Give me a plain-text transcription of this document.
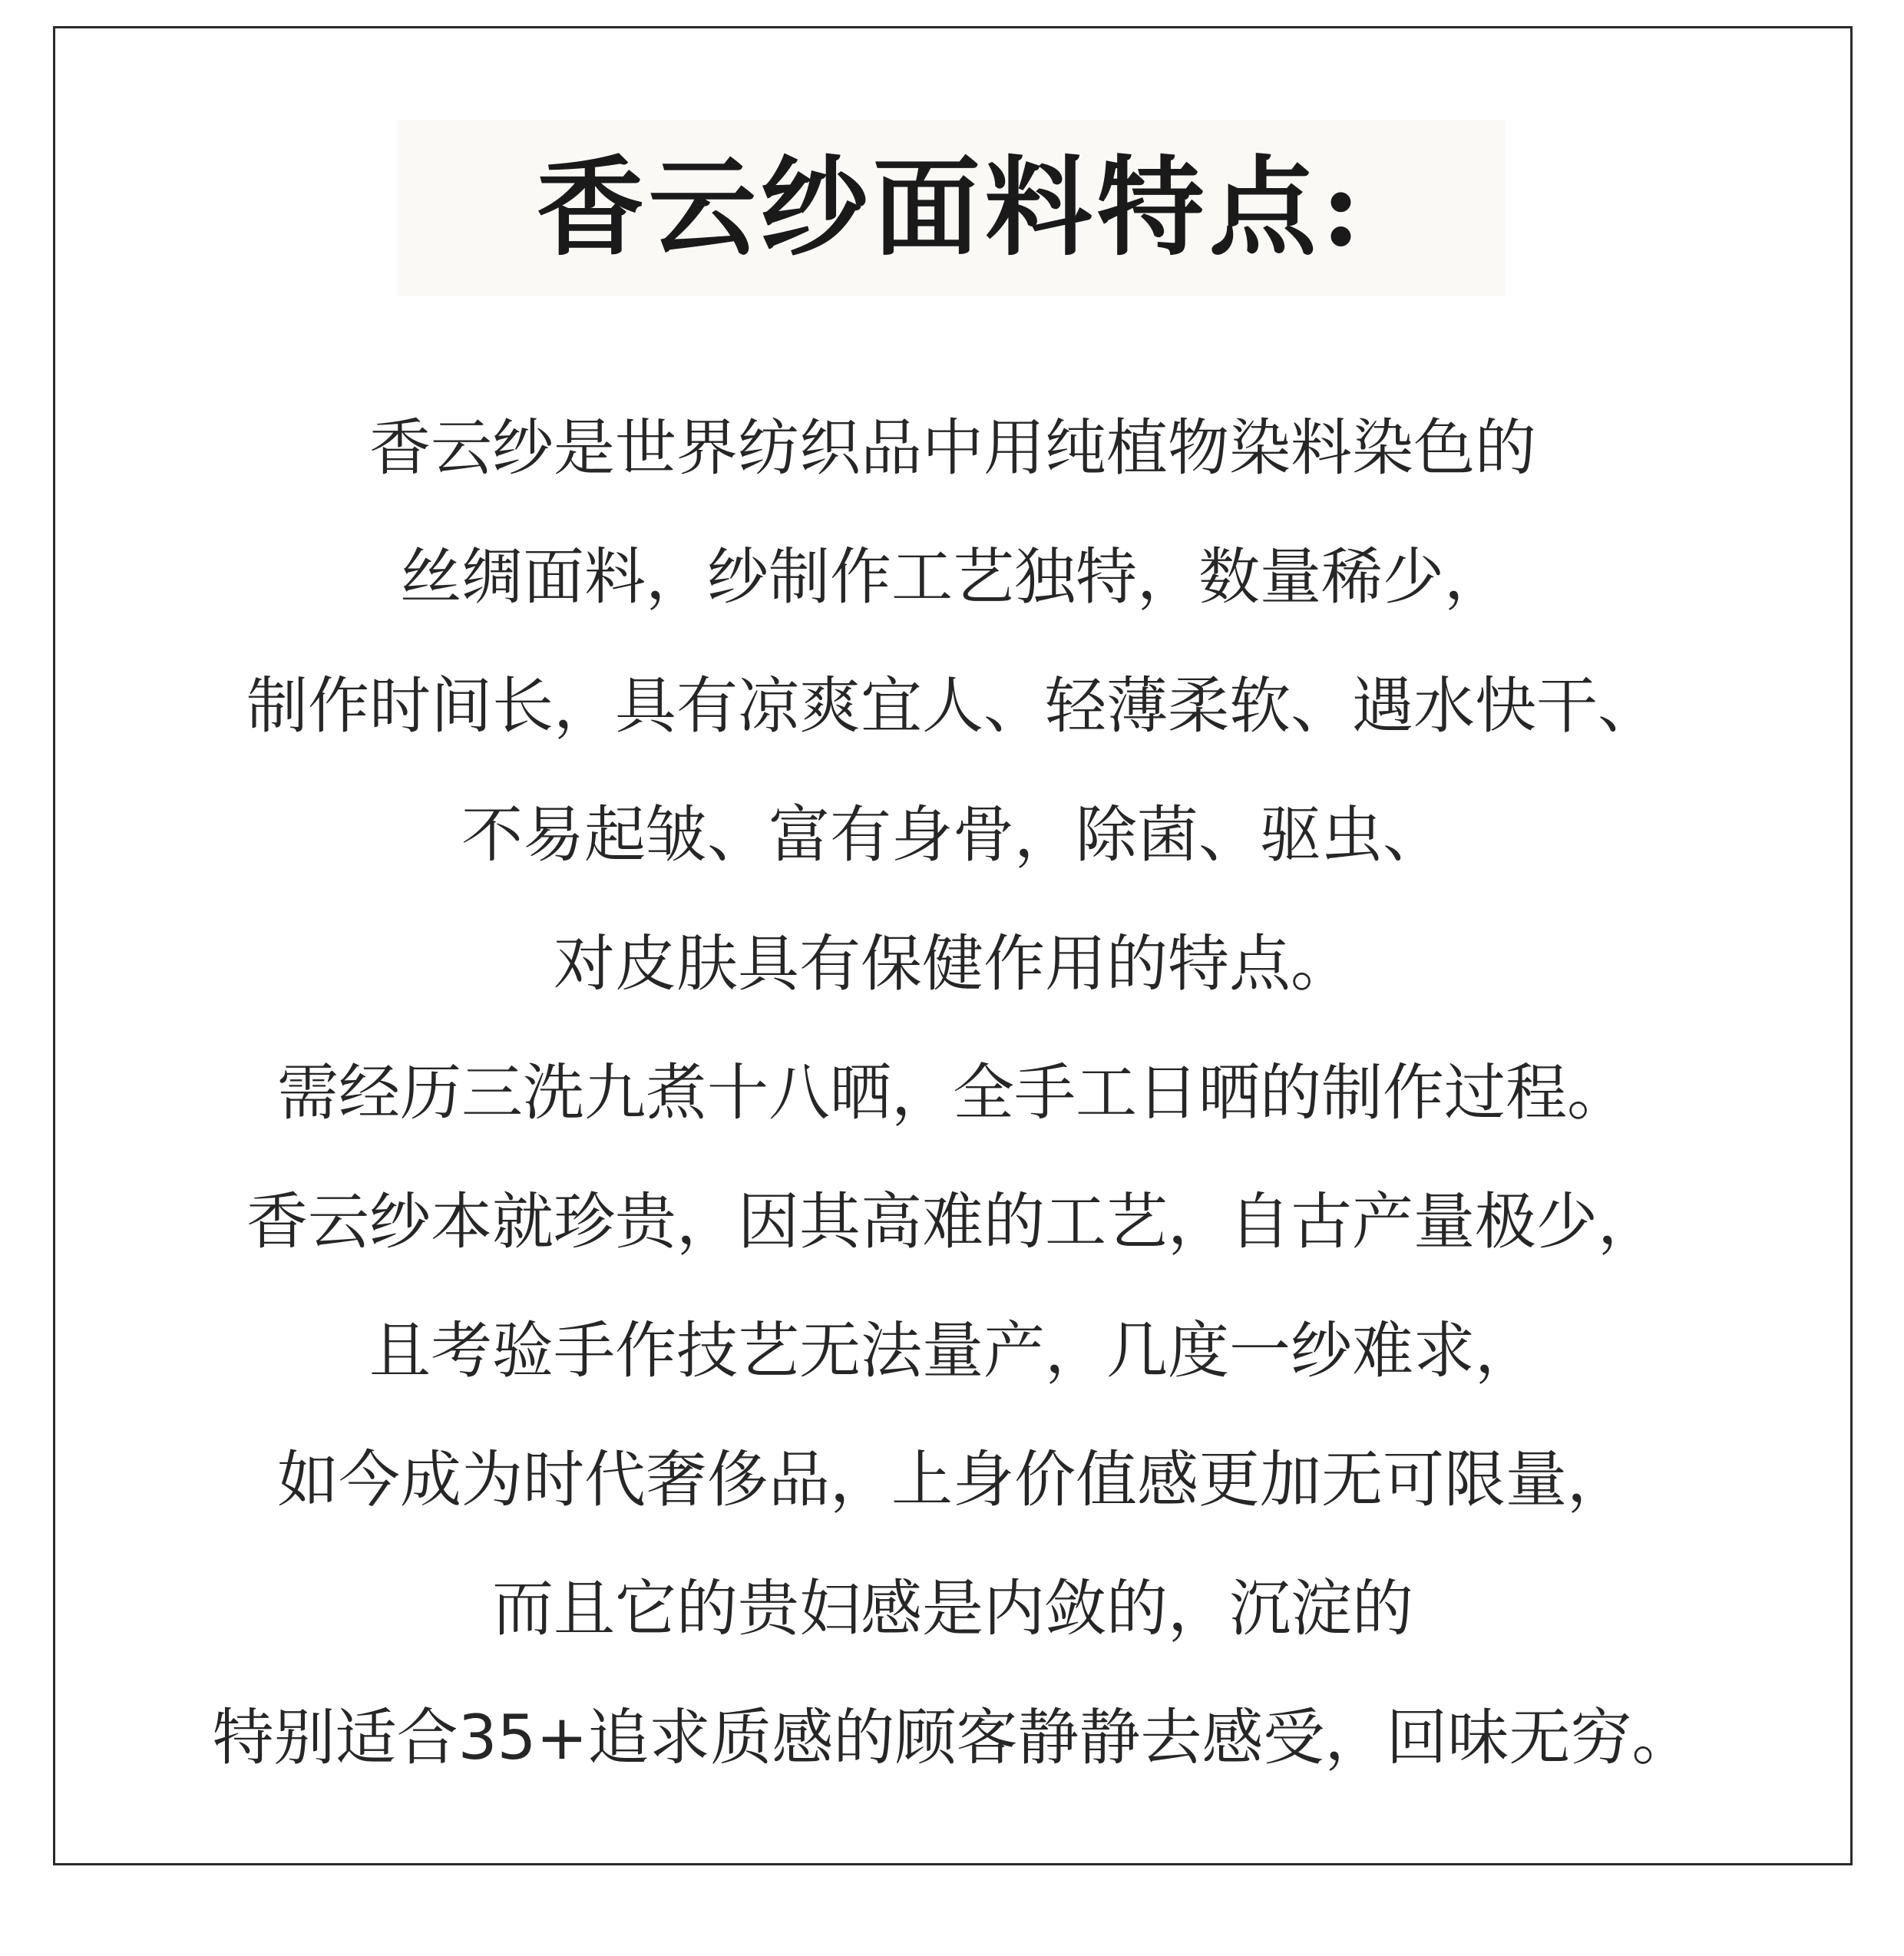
香云纱面料特点:
香云纱是世界纺织品中用纯植物染料染色的
丝绸面料，纱制作工艺独特，数量稀少，
制作时间长，具有凉爽宜人、轻薄柔软、遇水快干、
不易起皱、富有身骨，除菌、驱虫、
对皮肤具有保健作用的特点。
需经历三洗九煮十八晒，全手工日晒的制作过程。
香云纱本就珍贵，因其高难的工艺，自古产量极少，
且考验手作技艺无法量产，几度一纱难求，
如今成为时代奢侈品，上身价值感更加无可限量，
而且它的贵妇感是内敛的，沉淀的
特别适合35+追求质感的顾客静静去感受，回味无穷。
